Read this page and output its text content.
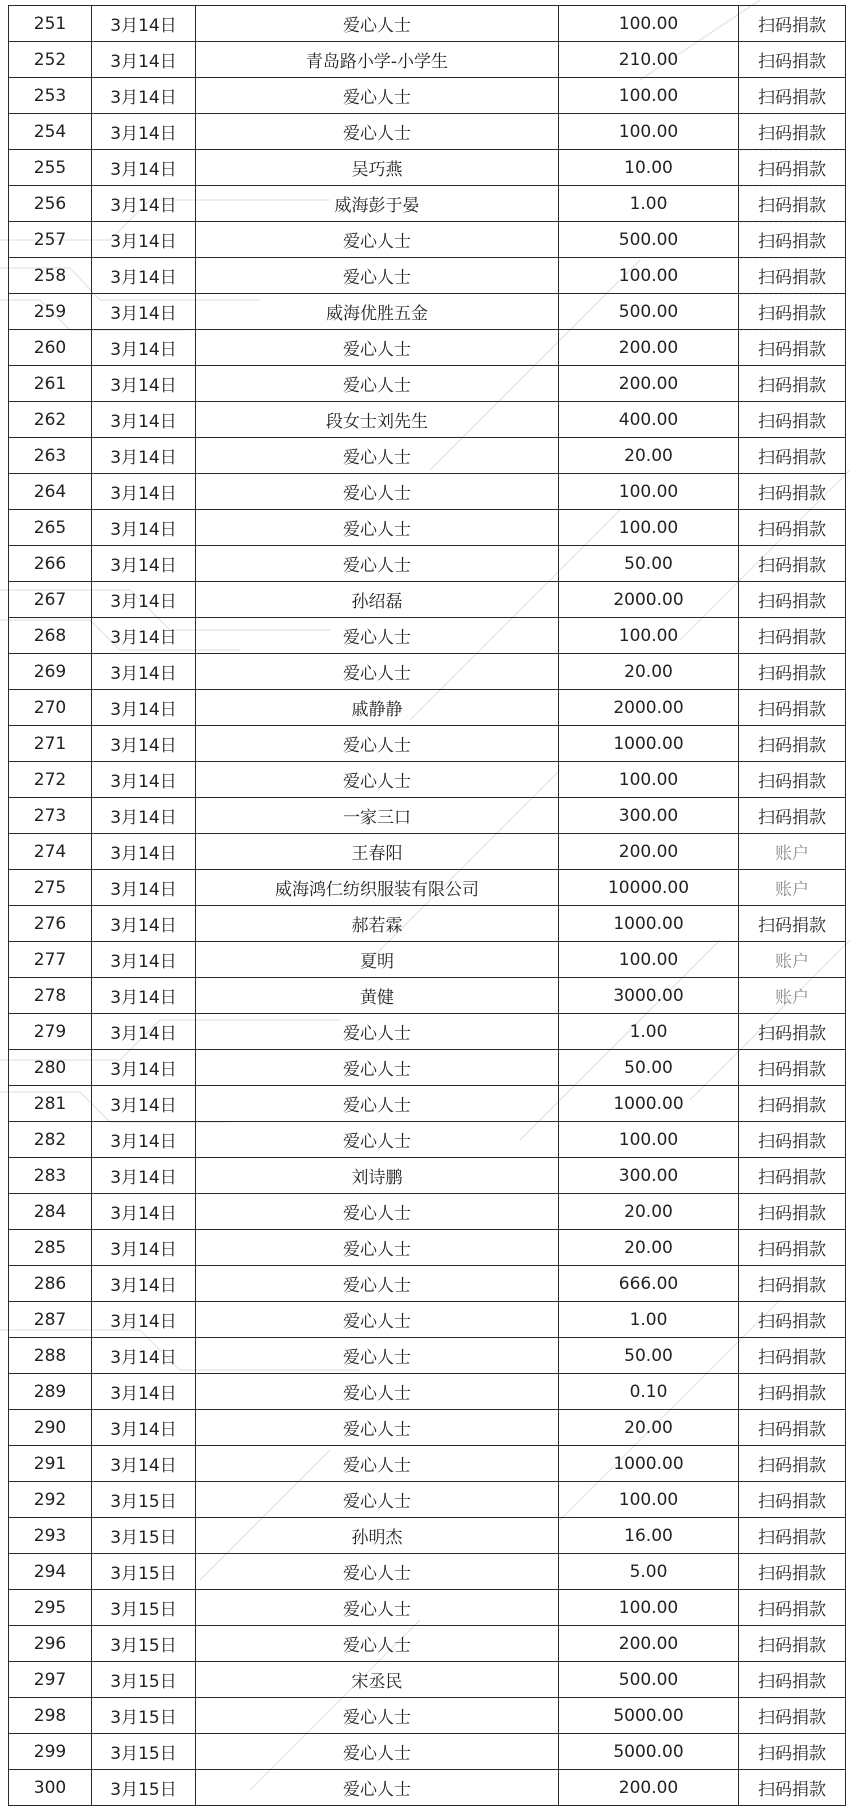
251	3月14日	爱心人士	100.00	扫码捐款
252	3月14日	青岛路小学-小学生	210.00	扫码捐款
253	3月14日	爱心人士	100.00	扫码捐款
254	3月14日	爱心人士	100.00	扫码捐款
255	3月14日	吴巧燕	10.00	扫码捐款
256	3月14日	威海彭于晏	1.00	扫码捐款
257	3月14日	爱心人士	500.00	扫码捐款
258	3月14日	爱心人士	100.00	扫码捐款
259	3月14日	威海优胜五金	500.00	扫码捐款
260	3月14日	爱心人士	200.00	扫码捐款
261	3月14日	爱心人士	200.00	扫码捐款
262	3月14日	段女士刘先生	400.00	扫码捐款
263	3月14日	爱心人士	20.00	扫码捐款
264	3月14日	爱心人士	100.00	扫码捐款
265	3月14日	爱心人士	100.00	扫码捐款
266	3月14日	爱心人士	50.00	扫码捐款
267	3月14日	孙绍磊	2000.00	扫码捐款
268	3月14日	爱心人士	100.00	扫码捐款
269	3月14日	爱心人士	20.00	扫码捐款
270	3月14日	戚静静	2000.00	扫码捐款
271	3月14日	爱心人士	1000.00	扫码捐款
272	3月14日	爱心人士	100.00	扫码捐款
273	3月14日	一家三口	300.00	扫码捐款
274	3月14日	王春阳	200.00	账户
275	3月14日	威海鸿仁纺织服装有限公司	10000.00	账户
276	3月14日	郝若霖	1000.00	扫码捐款
277	3月14日	夏明	100.00	账户
278	3月14日	黄健	3000.00	账户
279	3月14日	爱心人士	1.00	扫码捐款
280	3月14日	爱心人士	50.00	扫码捐款
281	3月14日	爱心人士	1000.00	扫码捐款
282	3月14日	爱心人士	100.00	扫码捐款
283	3月14日	刘诗鹏	300.00	扫码捐款
284	3月14日	爱心人士	20.00	扫码捐款
285	3月14日	爱心人士	20.00	扫码捐款
286	3月14日	爱心人士	666.00	扫码捐款
287	3月14日	爱心人士	1.00	扫码捐款
288	3月14日	爱心人士	50.00	扫码捐款
289	3月14日	爱心人士	0.10	扫码捐款
290	3月14日	爱心人士	20.00	扫码捐款
291	3月14日	爱心人士	1000.00	扫码捐款
292	3月15日	爱心人士	100.00	扫码捐款
293	3月15日	孙明杰	16.00	扫码捐款
294	3月15日	爱心人士	5.00	扫码捐款
295	3月15日	爱心人士	100.00	扫码捐款
296	3月15日	爱心人士	200.00	扫码捐款
297	3月15日	宋丞民	500.00	扫码捐款
298	3月15日	爱心人士	5000.00	扫码捐款
299	3月15日	爱心人士	5000.00	扫码捐款
300	3月15日	爱心人士	200.00	扫码捐款
